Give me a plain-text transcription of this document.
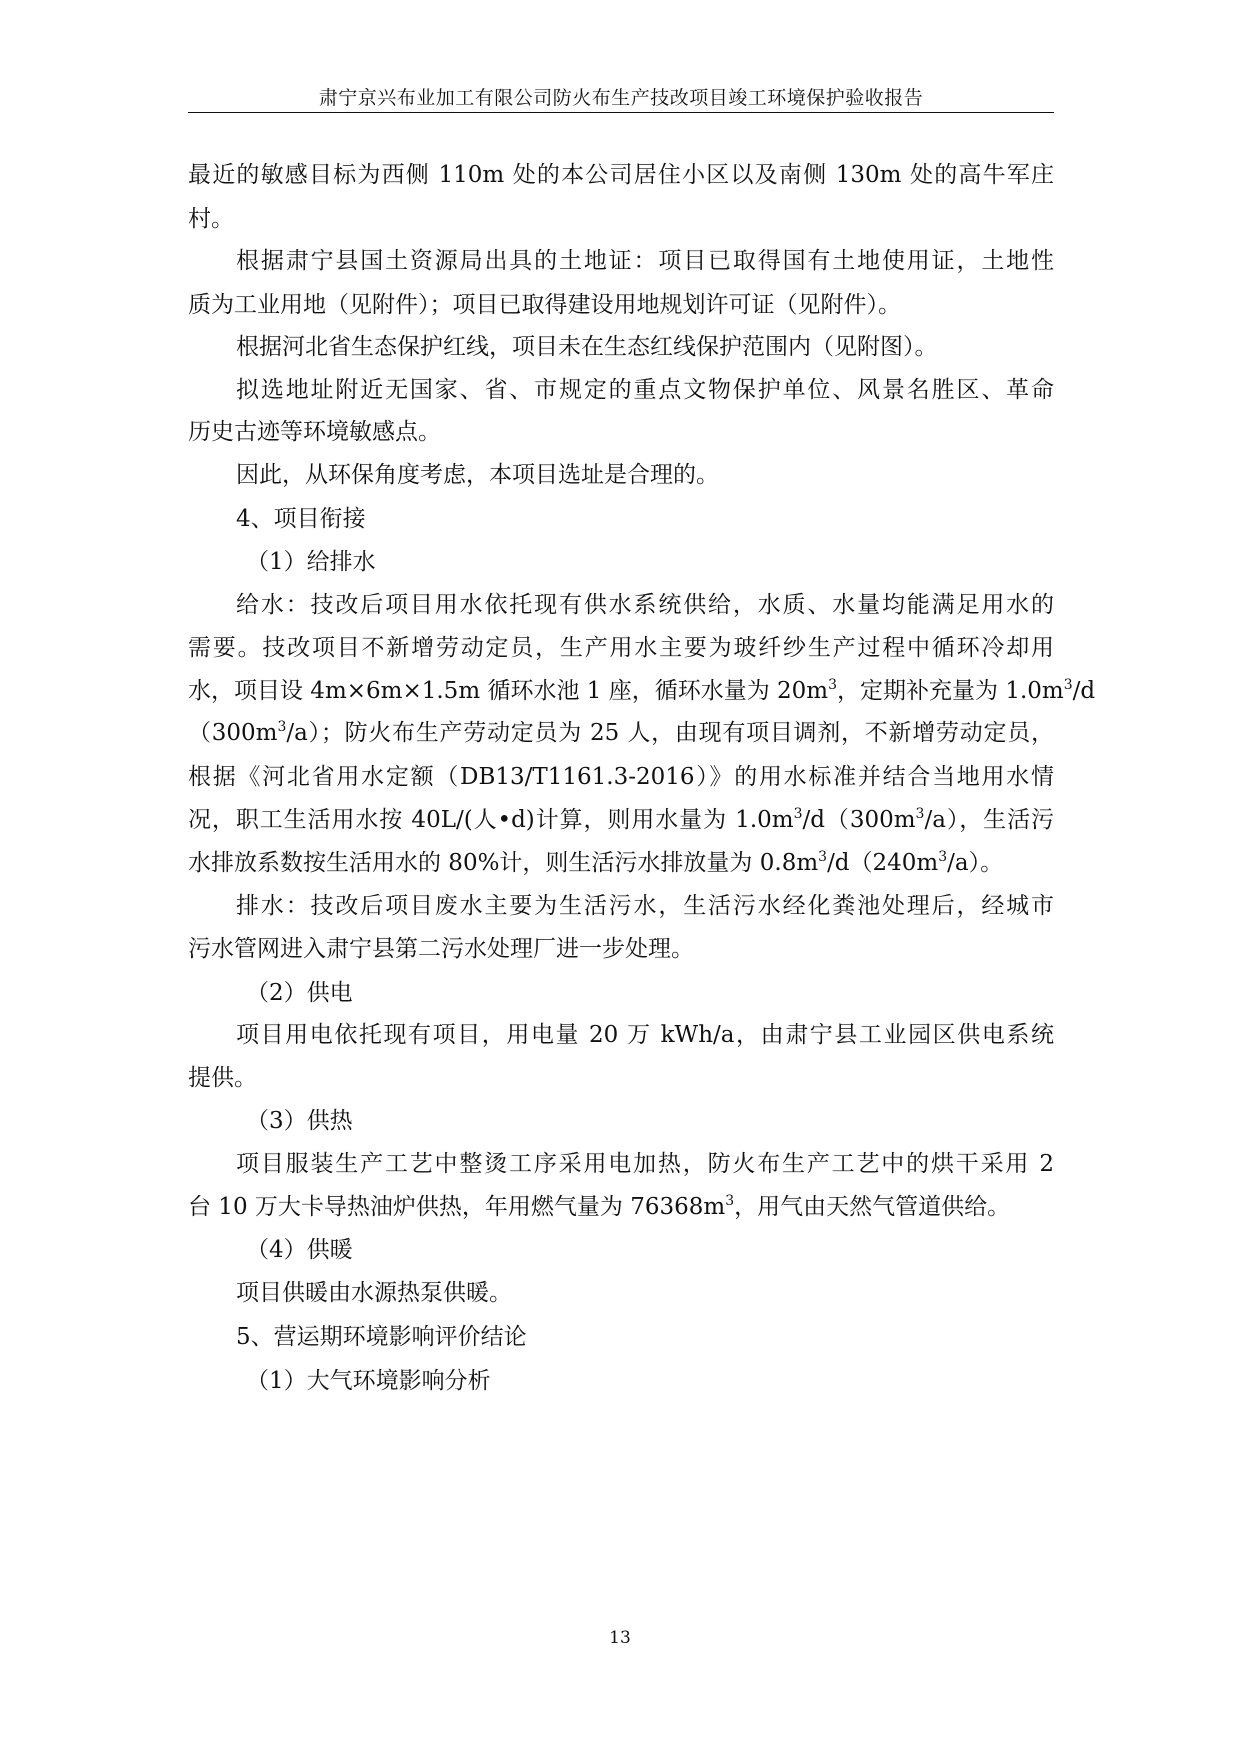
肃宁京兴布业加工有限公司防火布生产技改项目竣工环境保护验收报告
最近的敏感目标为西侧 110m 处的本公司居住小区以及南侧 130m 处的高牛军庄
村。
根据肃宁县国土资源局出具的土地证：项目已取得国有土地使用证，土地性
质为工业用地（见附件）；项目已取得建设用地规划许可证（见附件）。
根据河北省生态保护红线，项目未在生态红线保护范围内（见附图）。
拟选地址附近无国家、省、市规定的重点文物保护单位、风景名胜区、革命
历史古迹等环境敏感点。
因此，从环保角度考虑，本项目选址是合理的。
4、项目衔接
（1）给排水
给水：技改后项目用水依托现有供水系统供给，水质、水量均能满足用水的
需要。技改项目不新增劳动定员，生产用水主要为玻纤纱生产过程中循环冷却用
水，项目设 4m×6m×1.5m 循环水池 1 座，循环水量为 $20m^3$，定期补充量为 $1.0m^3/d$
$(300m^3/a)$；防火布生产劳动定员为 25 人，由现有项目调剂，不新增劳动定员，
根据《河北省用水定额（DB13/T1161.3-2016）》的用水标准并结合当地用水情
况，职工生活用水按 40L/(人•d)计算，则用水量为 $1.0m^3/d(300m^3/a)$，生活污
水排放系数按生活用水的 80%计，则生活污水排放量为 $0.8m^3/d(240m^3/a)$。
排水：技改后项目废水主要为生活污水，生活污水经化粪池处理后，经城市
污水管网进入肃宁县第二污水处理厂进一步处理。
（2）供电
项目用电依托现有项目，用电量 20 万 kWh/a，由肃宁县工业园区供电系统
提供。
（3）供热
项目服装生产工艺中整烫工序采用电加热，防火布生产工艺中的烘干采用 2
台 10 万大卡导热油炉供热，年用燃气量为 $76368m^3$，用气由天然气管道供给。
（4）供暖
项目供暖由水源热泵供暖。
5、营运期环境影响评价结论
（1）大气环境影响分析
13
